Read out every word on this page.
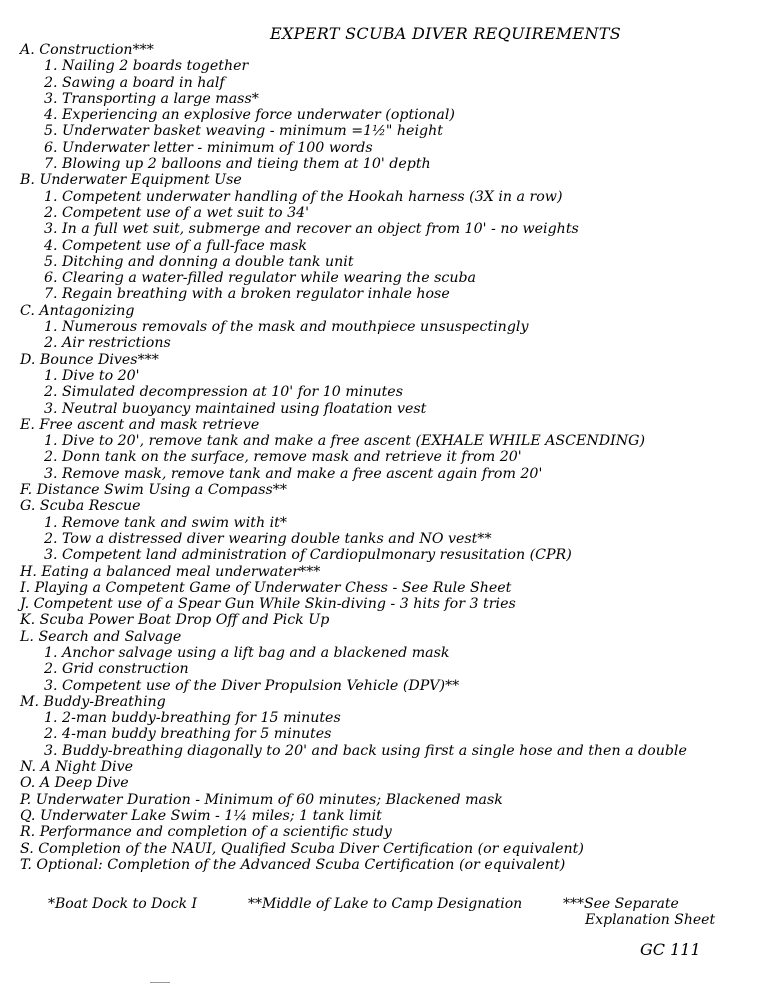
EXPERT SCUBA DIVER REQUIREMENTS
A. Construction***
1. Nailing 2 boards together
2. Sawing a board in half
3. Transporting a large mass*
4. Experiencing an explosive force underwater (optional)
5. Underwater basket weaving - minimum =1½" height
6. Underwater letter - minimum of 100 words
7. Blowing up 2 balloons and tieing them at 10' depth
B. Underwater Equipment Use
1. Competent underwater handling of the Hookah harness (3X in a row)
2. Competent use of a wet suit to 34'
3. In a full wet suit, submerge and recover an object from 10' - no weights
4. Competent use of a full-face mask
5. Ditching and donning a double tank unit
6. Clearing a water-filled regulator while wearing the scuba
7. Regain breathing with a broken regulator inhale hose
C. Antagonizing
1. Numerous removals of the mask and mouthpiece unsuspectingly
2. Air restrictions
D. Bounce Dives***
1. Dive to 20'
2. Simulated decompression at 10' for 10 minutes
3. Neutral buoyancy maintained using floatation vest
E. Free ascent and mask retrieve
1. Dive to 20', remove tank and make a free ascent (EXHALE WHILE ASCENDING)
2. Donn tank on the surface, remove mask and retrieve it from 20'
3. Remove mask, remove tank and make a free ascent again from 20'
F. Distance Swim Using a Compass**
G. Scuba Rescue
1. Remove tank and swim with it*
2. Tow a distressed diver wearing double tanks and NO vest**
3. Competent land administration of Cardiopulmonary resusitation (CPR)
H. Eating a balanced meal underwater***
I. Playing a Competent Game of Underwater Chess - See Rule Sheet
J. Competent use of a Spear Gun While Skin-diving - 3 hits for 3 tries
K. Scuba Power Boat Drop Off and Pick Up
L. Search and Salvage
1. Anchor salvage using a lift bag and a blackened mask
2. Grid construction
3. Competent use of the Diver Propulsion Vehicle (DPV)**
M. Buddy-Breathing
1. 2-man buddy-breathing for 15 minutes
2. 4-man buddy breathing for 5 minutes
3. Buddy-breathing diagonally to 20' and back using first a single hose and then a double
N. A Night Dive
O. A Deep Dive
P. Underwater Duration - Minimum of 60 minutes; Blackened mask
Q. Underwater Lake Swim - 1¼ miles; 1 tank limit
R. Performance and completion of a scientific study
S. Completion of the NAUI, Qualified Scuba Diver Certification (or equivalent)
T. Optional: Completion of the Advanced Scuba Certification (or equivalent)
*Boat Dock to Dock I	**Middle of Lake to Camp Designation	***See Separate
Explanation Sheet
GC 111
